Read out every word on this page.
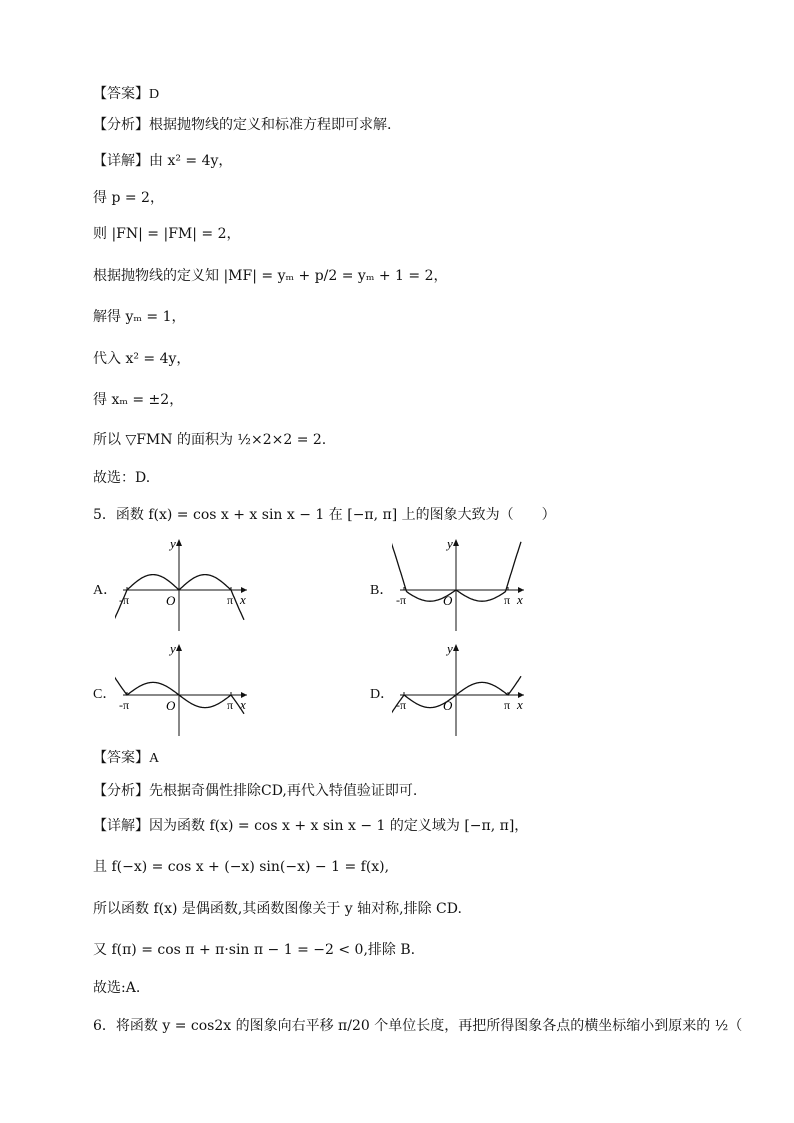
【答案】D
【分析】根据抛物线的定义和标准方程即可求解.
【详解】由 x² = 4y，
得 p = 2，
则 |FN| = |FM| = 2，
根据抛物线的定义知 |MF| = yₘ + p/2 = yₘ + 1 = 2，
解得 yₘ = 1，
代入 x² = 4y，
得 xₘ = ±2，
所以 ▽FMN 的面积为 ½×2×2 = 2.
故选：D.
5．函数 f(x) = cos x + x sin x − 1 在 [−π, π] 上的图象大致为（　　）
A．
y
x
O
-π	π
B．
y
x
O
-π	π
C．
y
x
O
-π	π
D．
y
x
O
-π	π
【答案】A
【分析】先根据奇偶性排除CD,再代入特值验证即可.
【详解】因为函数 f(x) = cos x + x sin x − 1 的定义域为 [−π, π]，
且 f(−x) = cos x + (−x) sin(−x) − 1 = f(x),
所以函数 f(x) 是偶函数,其函数图像关于 y 轴对称,排除 CD.
又 f(π) = cos π + π·sin π − 1 = −2 < 0,排除 B.
故选:A.
6．将函数 y = cos2x 的图象向右平移 π/20 个单位长度，再把所得图象各点的横坐标缩小到原来的 ½（
